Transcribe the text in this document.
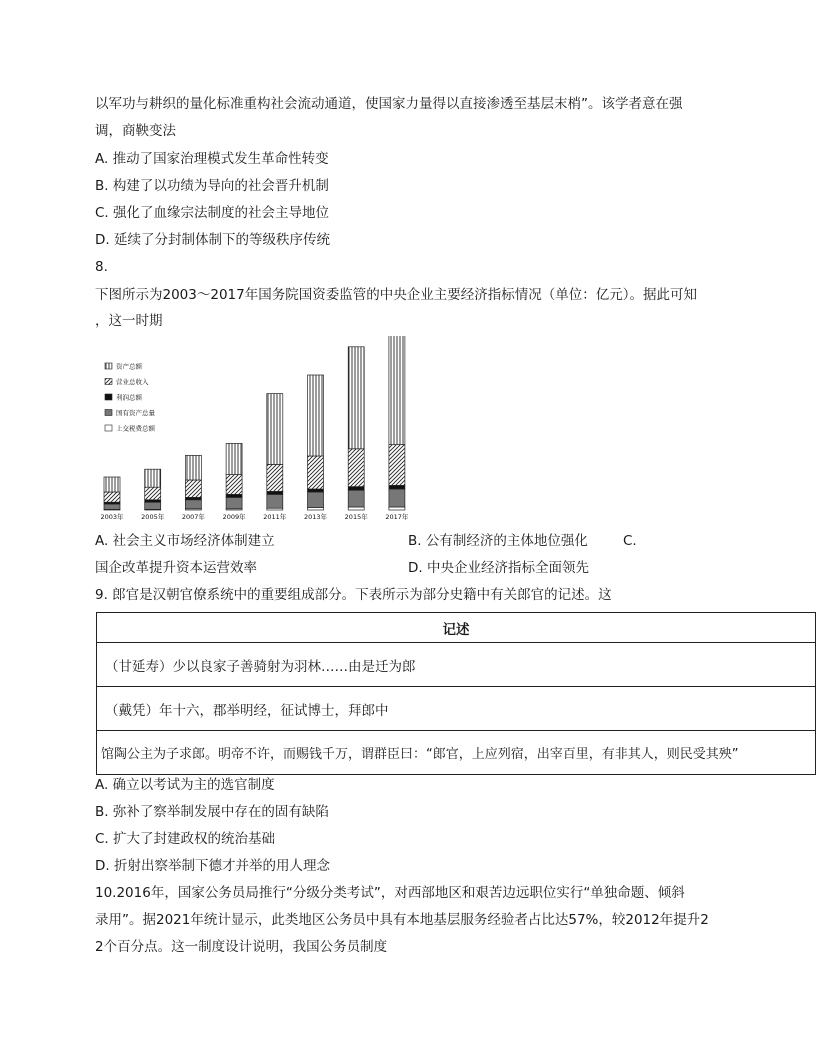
以军功与耕织的量化标准重构社会流动通道，使国家力量得以直接渗透至基层末梢”。该学者意在强
调，商鞅变法
A. 推动了国家治理模式发生革命性转变
B. 构建了以功绩为导向的社会晋升机制
C. 强化了血缘宗法制度的社会主导地位
D. 延续了分封制体制下的等级秩序传统
8.
下图所示为2003～2017年国务院国资委监管的中央企业主要经济指标情况（单位：亿元）。据此可知
，这一时期
2003年	2005年	2007年	2009年	2011年	2013年	2015年	2017年
资产总额
营业总收入
利润总额
国有资产总量
上交税费总额
A. 社会主义市场经济体制建立	B. 公有制经济的主体地位强化	C.
国企改革提升资本运营效率	D. 中央企业经济指标全面领先
9. 郎官是汉朝官僚系统中的重要组成部分。下表所示为部分史籍中有关郎官的记述。这
记述
（甘延寿）少以良家子善骑射为羽林……由是迁为郎
（戴凭）年十六，郡举明经，征试博士，拜郎中
馆陶公主为子求郎。明帝不许，而赐钱千万，谓群臣曰：“郎官，上应列宿，出宰百里，有非其人，则民受其殃”
A. 确立以考试为主的选官制度
B. 弥补了察举制发展中存在的固有缺陷
C. 扩大了封建政权的统治基础
D. 折射出察举制下德才并举的用人理念
10.2016年，国家公务员局推行“分级分类考试”，对西部地区和艰苦边远职位实行“单独命题、倾斜
录用”。据2021年统计显示，此类地区公务员中具有本地基层服务经验者占比达57%，较2012年提升2
2个百分点。这一制度设计说明，我国公务员制度
